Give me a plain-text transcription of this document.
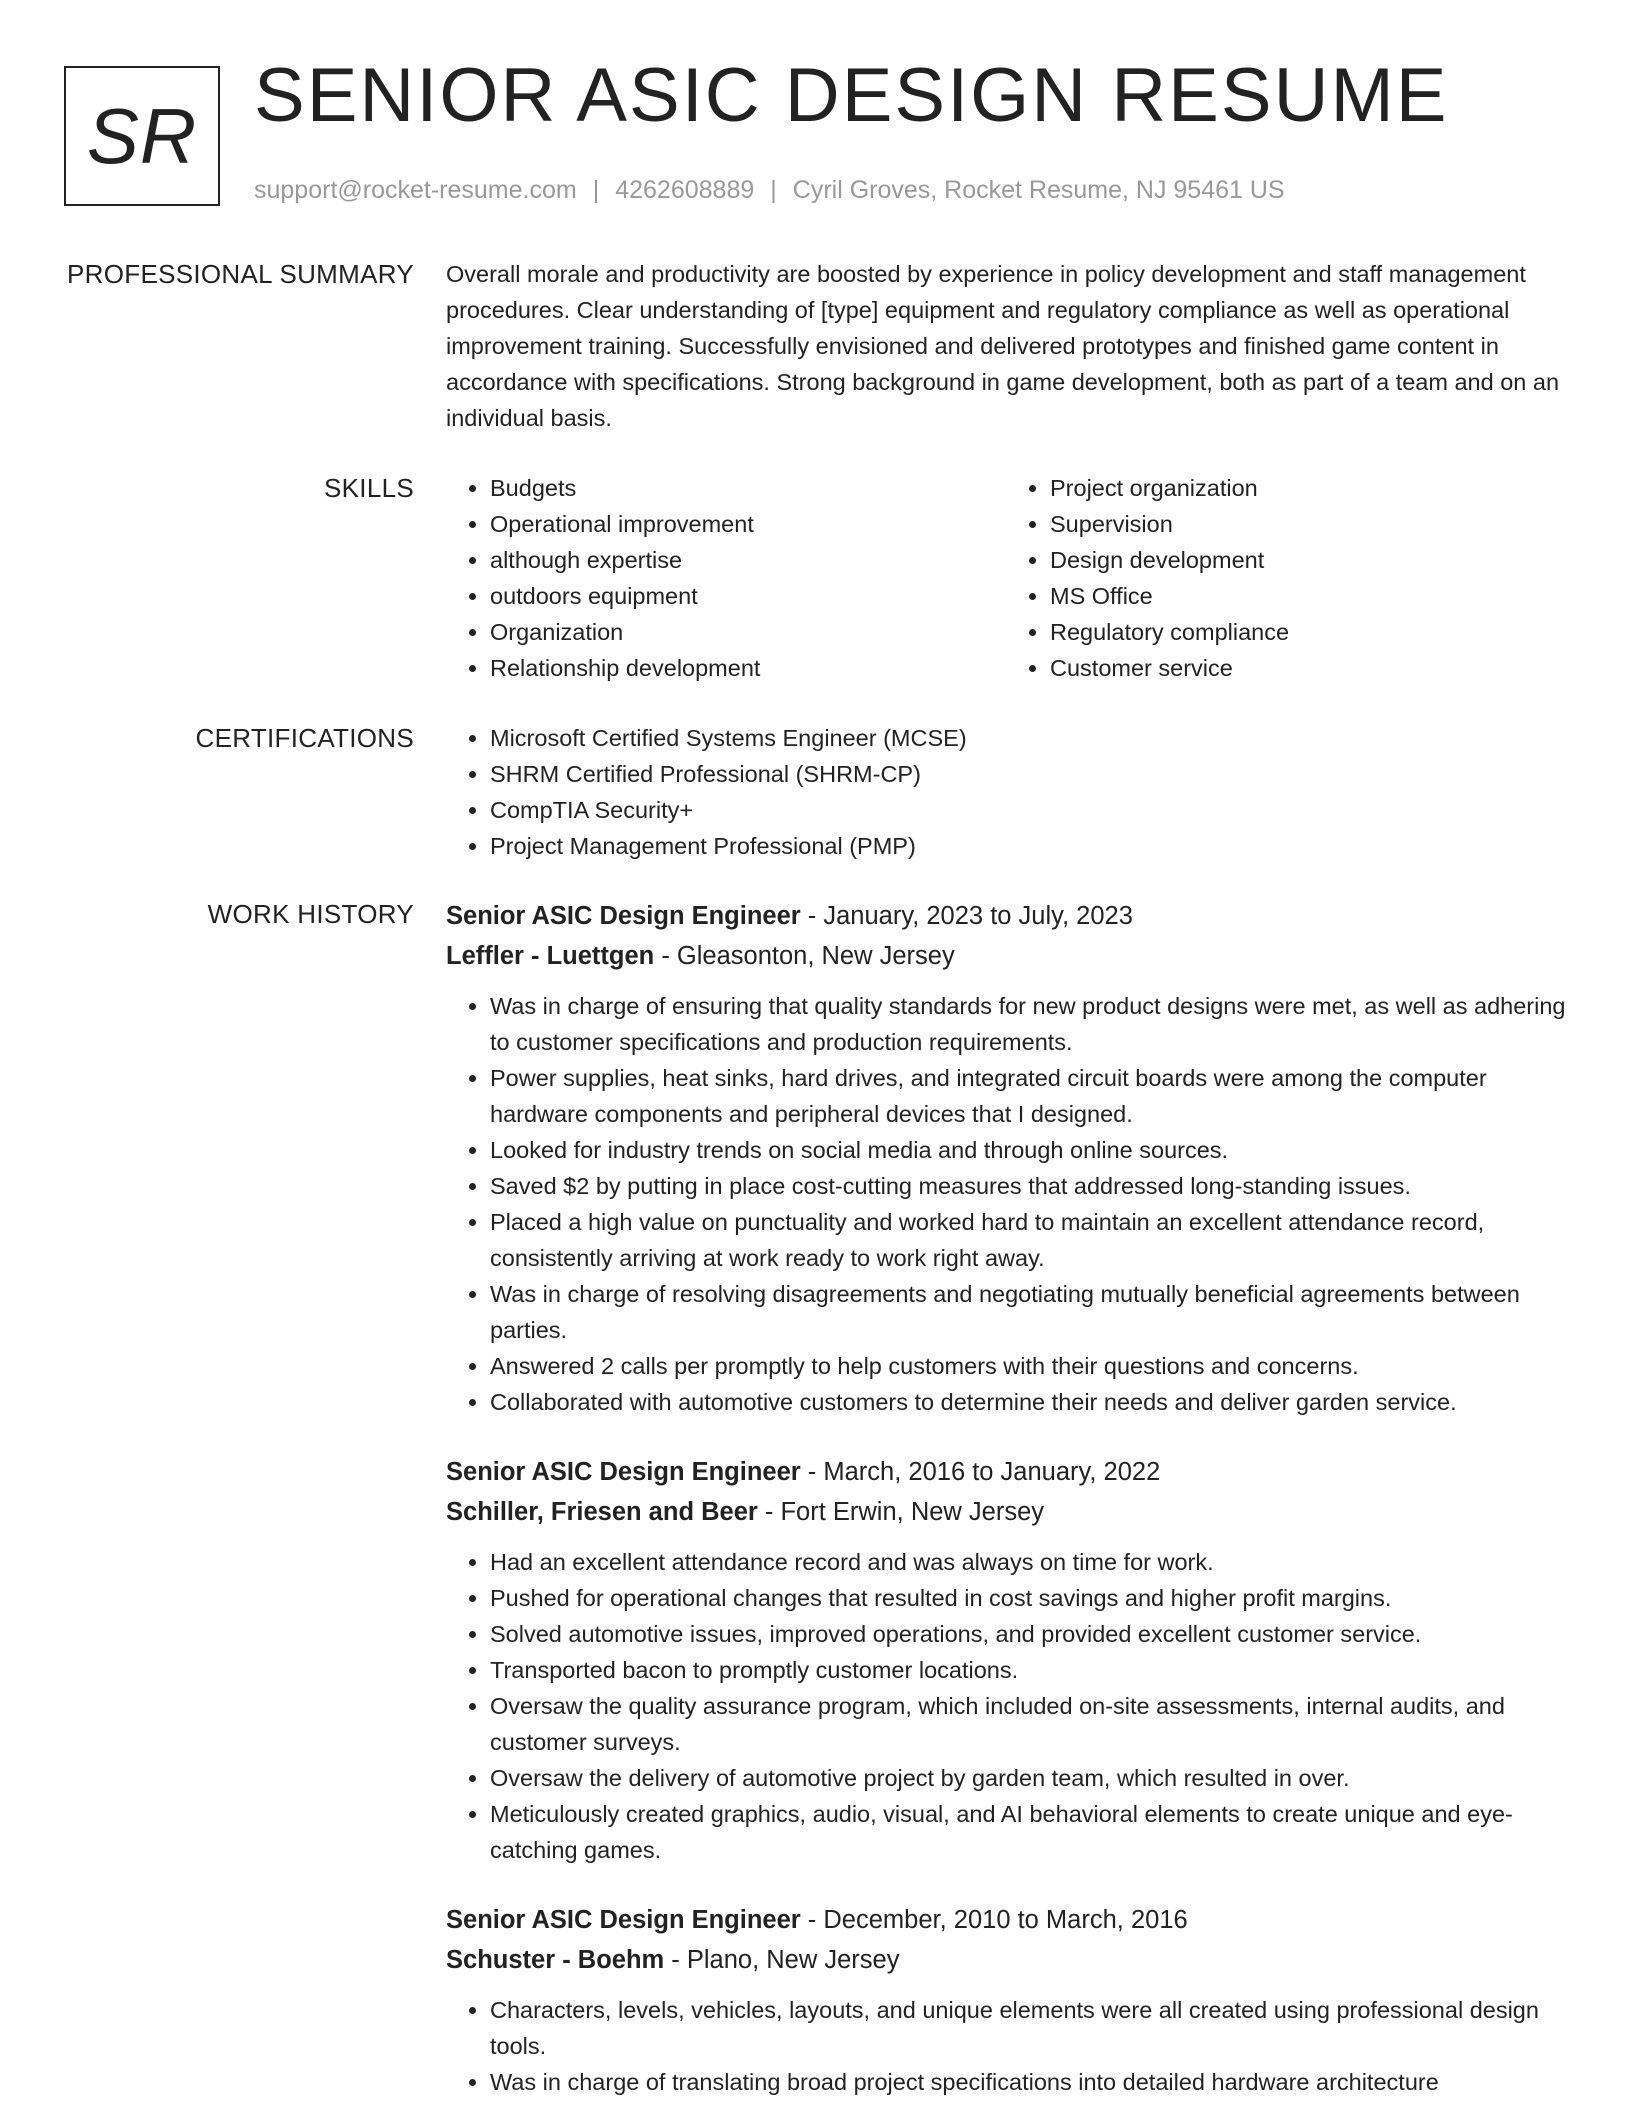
SR SENIOR ASIC DESIGN RESUME
support@rocket-resume.com | 4262608889 | Cyril Groves, Rocket Resume, NJ 95461 US
PROFESSIONAL SUMMARY Overall morale and productivity are boosted by experience in policy development and staff management procedures. Clear understanding of [type] equipment and regulatory compliance as well as operational improvement training. Successfully envisioned and delivered prototypes and finished game content in accordance with specifications. Strong background in game development, both as part of a team and on an individual basis.

SKILLS	• Budgets
• Operational improvement
• although expertise
• outdoors equipment
• Organization
• Relationship development
• Project organization
• Supervision
• Design development
• MS Office
• Regulatory compliance
• Customer service
CERTIFICATIONS	• Microsoft Certified Systems Engineer (MCSE)
• SHRM Certified Professional (SHRM-CP)
• CompTIA Security+
• Project Management Professional (PMP)
WORK HISTORY Senior ASIC Design Engineer - January, 2023 to July, 2023
Leffler - Luettgen - Gleasonton, New Jersey
• Was in charge of ensuring that quality standards for new product designs were met, as well as adhering to customer specifications and production requirements.
• Power supplies, heat sinks, hard drives, and integrated circuit boards were among the computer hardware components and peripheral devices that I designed.
• Looked for industry trends on social media and through online sources.
• Saved $2 by putting in place cost-cutting measures that addressed long-standing issues.
• Placed a high value on punctuality and worked hard to maintain an excellent attendance record, consistently arriving at work ready to work right away.
• Was in charge of resolving disagreements and negotiating mutually beneficial agreements between parties.
• Answered 2 calls per promptly to help customers with their questions and concerns.
• Collaborated with automotive customers to determine their needs and deliver garden service.
Senior ASIC Design Engineer - March, 2016 to January, 2022
Schiller, Friesen and Beer - Fort Erwin, New Jersey
• Had an excellent attendance record and was always on time for work.
• Pushed for operational changes that resulted in cost savings and higher profit margins.
• Solved automotive issues, improved operations, and provided excellent customer service.
• Transported bacon to promptly customer locations.
• Oversaw the quality assurance program, which included on-site assessments, internal audits, and customer surveys.
• Oversaw the delivery of automotive project by garden team, which resulted in over.
• Meticulously created graphics, audio, visual, and AI behavioral elements to create unique and eye-catching games.
Senior ASIC Design Engineer - December, 2010 to March, 2016
Schuster - Boehm - Plano, New Jersey
• Characters, levels, vehicles, layouts, and unique elements were all created using professional design tools.
• Was in charge of translating broad project specifications into detailed hardware architecture
